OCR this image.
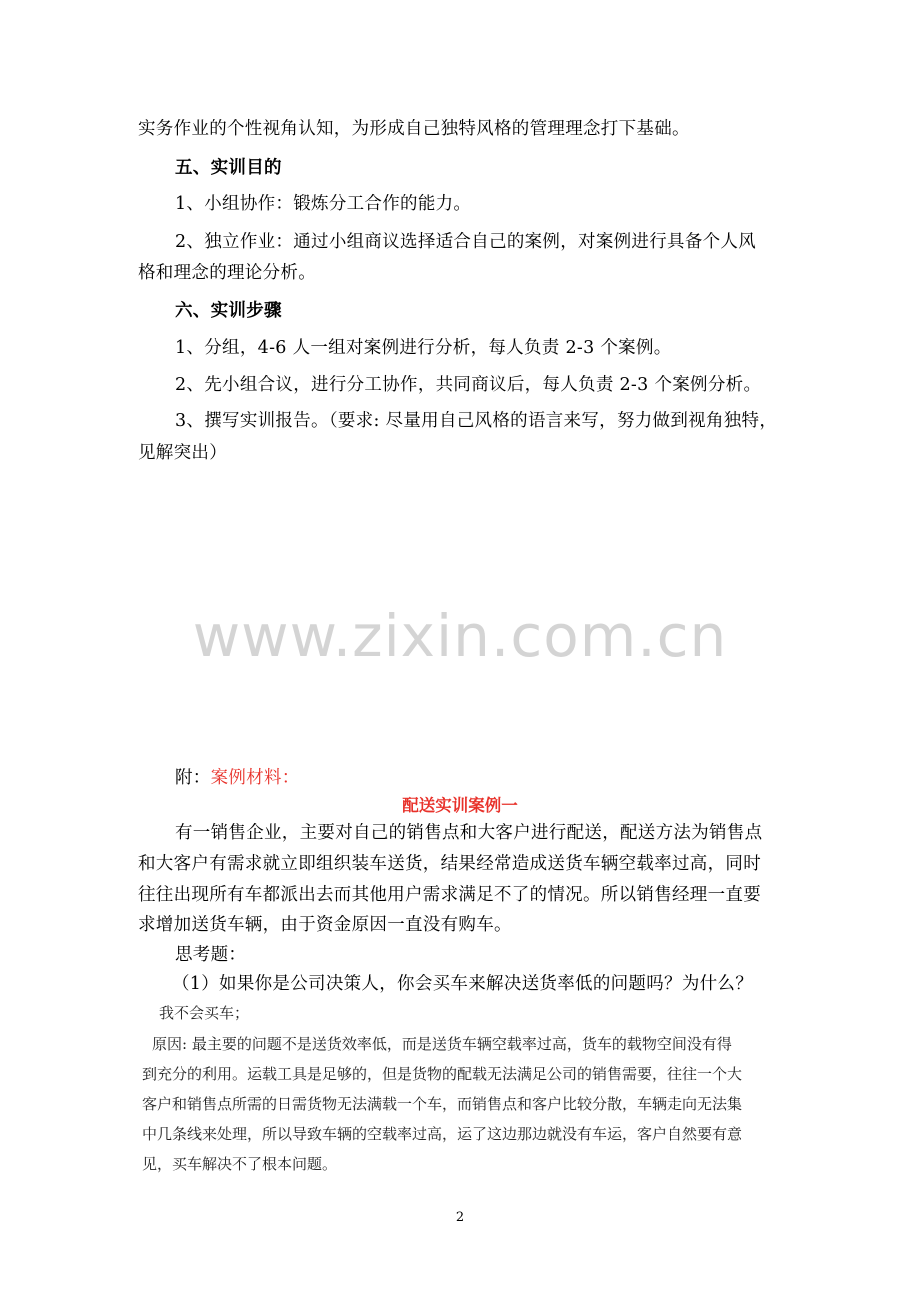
实务作业的个性视角认知，为形成自己独特风格的管理理念打下基础。
五、实训目的
1、小组协作：锻炼分工合作的能力。
2、独立作业：通过小组商议选择适合自己的案例，对案例进行具备个人风
格和理念的理论分析。
六、实训步骤
1、分组，4-6 人一组对案例进行分析，每人负责 2-3 个案例。
2、先小组合议，进行分工协作，共同商议后，每人负责 2-3 个案例分析。
3、撰写实训报告。（要求: 尽量用自己风格的语言来写，努力做到视角独特，
见解突出）
www.zixin.com.cn
附：案例材料：
配送实训案例一
有一销售企业，主要对自己的销售点和大客户进行配送，配送方法为销售点
和大客户有需求就立即组织装车送货，结果经常造成送货车辆空载率过高，同时
往往出现所有车都派出去而其他用户需求满足不了的情况。所以销售经理一直要
求增加送货车辆，由于资金原因一直没有购车。
思考题：
（1）如果你是公司决策人，你会买车来解决送货率低的问题吗？为什么？
我不会买车；
原因: 最主要的问题不是送货效率低，而是送货车辆空载率过高，货车的载物空间没有得
到充分的利用。运载工具是足够的，但是货物的配载无法满足公司的销售需要，往往一个大
客户和销售点所需的日需货物无法满载一个车，而销售点和客户比较分散，车辆走向无法集
中几条线来处理，所以导致车辆的空载率过高，运了这边那边就没有车运，客户自然要有意
见，买车解决不了根本问题。
2
